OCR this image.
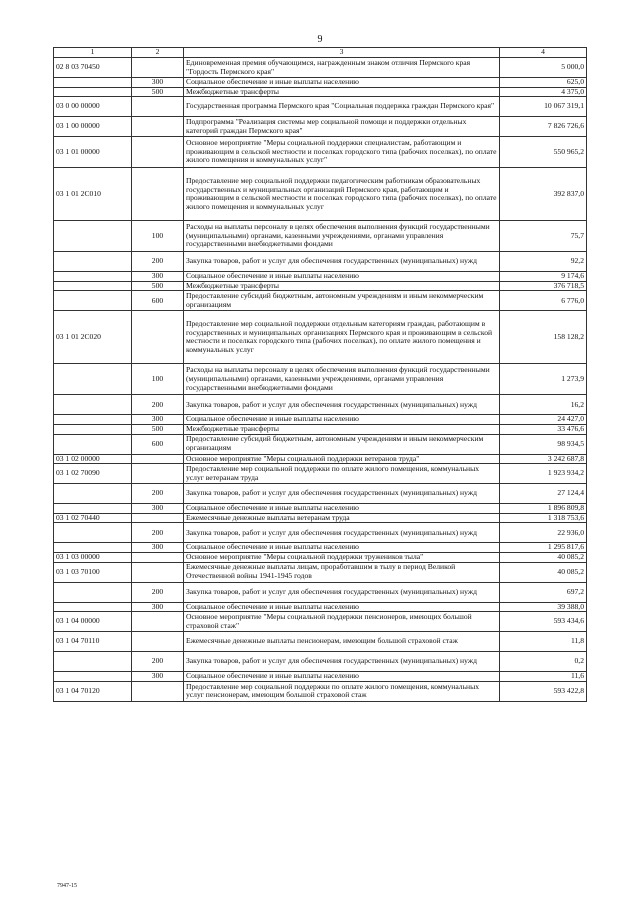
9
1	2	3	4
02 8 03 70450		Единовременная премия обучающимся, награжденным знаком отличия Пермского края "Гордость Пермского края"	5 000,0
	300	Социальное обеспечение и иные выплаты населению	625,0
	500	Межбюджетные трансферты	4 375,0
03 0 00 00000		Государственная программа Пермского края "Социальная поддержка граждан Пермского края"	10 067 319,1
03 1 00 00000		Подпрограмма "Реализация системы мер социальной помощи и поддержки отдельных категорий граждан Пермского края"	7 826 726,6
03 1 01 00000		Основное мероприятие "Меры социальной поддержки специалистам, работающим и проживающим в сельской местности и поселках городского типа (рабочих поселках), по оплате жилого помещения и коммунальных услуг"	550 965,2
03 1 01 2С010		Предоставление мер социальной поддержки педагогическим работникам образовательных государственных и муниципальных организаций Пермского края, работающим и проживающим в сельской местности и поселках городского типа (рабочих поселках), по оплате жилого помещения и коммунальных услуг	392 837,0
	100	Расходы на выплаты персоналу в целях обеспечения выполнения функций государственными (муниципальными) органами, казенными учреждениями, органами управления государственными внебюджетными фондами	75,7
	200	Закупка товаров, работ и услуг для обеспечения государственных (муниципальных) нужд	92,2
	300	Социальное обеспечение и иные выплаты населению	9 174,6
	500	Межбюджетные трансферты	376 718,5
	600	Предоставление субсидий бюджетным, автономным учреждениям и иным некоммерческим организациям	6 776,0
03 1 01 2С020		Предоставление мер социальной поддержки отдельным категориям граждан, работающим в государственных и муниципальных организациях Пермского края и проживающим в сельской местности и поселках городского типа (рабочих поселках), по оплате жилого помещения и коммунальных услуг	158 128,2
	100	Расходы на выплаты персоналу в целях обеспечения выполнения функций государственными (муниципальными) органами, казенными учреждениями, органами управления государственными внебюджетными фондами	1 273,9
	200	Закупка товаров, работ и услуг для обеспечения государственных (муниципальных) нужд	16,2
	300	Социальное обеспечение и иные выплаты населению	24 427,0
	500	Межбюджетные трансферты	33 476,6
	600	Предоставление субсидий бюджетным, автономным учреждениям и иным некоммерческим организациям	98 934,5
03 1 02 00000		Основное мероприятие "Меры социальной поддержки ветеранов труда"	3 242 687,8
03 1 02 70090		Предоставление мер социальной поддержки по оплате жилого помещения, коммунальных услуг ветеранам труда	1 923 934,2
	200	Закупка товаров, работ и услуг для обеспечения государственных (муниципальных) нужд	27 124,4
	300	Социальное обеспечение и иные выплаты населению	1 896 809,8
03 1 02 70440		Ежемесячные денежные выплаты ветеранам труда	1 318 753,6
	200	Закупка товаров, работ и услуг для обеспечения государственных (муниципальных) нужд	22 936,0
	300	Социальное обеспечение и иные выплаты населению	1 295 817,6
03 1 03 00000		Основное мероприятие "Меры социальной поддержки тружеников тыла"	40 085,2
03 1 03 70100		Ежемесячные денежные выплаты лицам, проработавшим в тылу в период Великой Отечественной войны 1941-1945 годов	40 085,2
	200	Закупка товаров, работ и услуг для обеспечения государственных (муниципальных) нужд	697,2
	300	Социальное обеспечение и иные выплаты населению	39 388,0
03 1 04 00000		Основное мероприятие "Меры социальной поддержки пенсионеров, имеющих большой страховой стаж"	593 434,6
03 1 04 70110		Ежемесячные денежные выплаты пенсионерам, имеющим большой страховой стаж	11,8
	200	Закупка товаров, работ и услуг для обеспечения государственных (муниципальных) нужд	0,2
	300	Социальное обеспечение и иные выплаты населению	11,6
03 1 04 70120		Предоставление мер социальной поддержки по оплате жилого помещения, коммунальных услуг пенсионерам, имеющим большой страховой стаж	593 422,8
7947-15
